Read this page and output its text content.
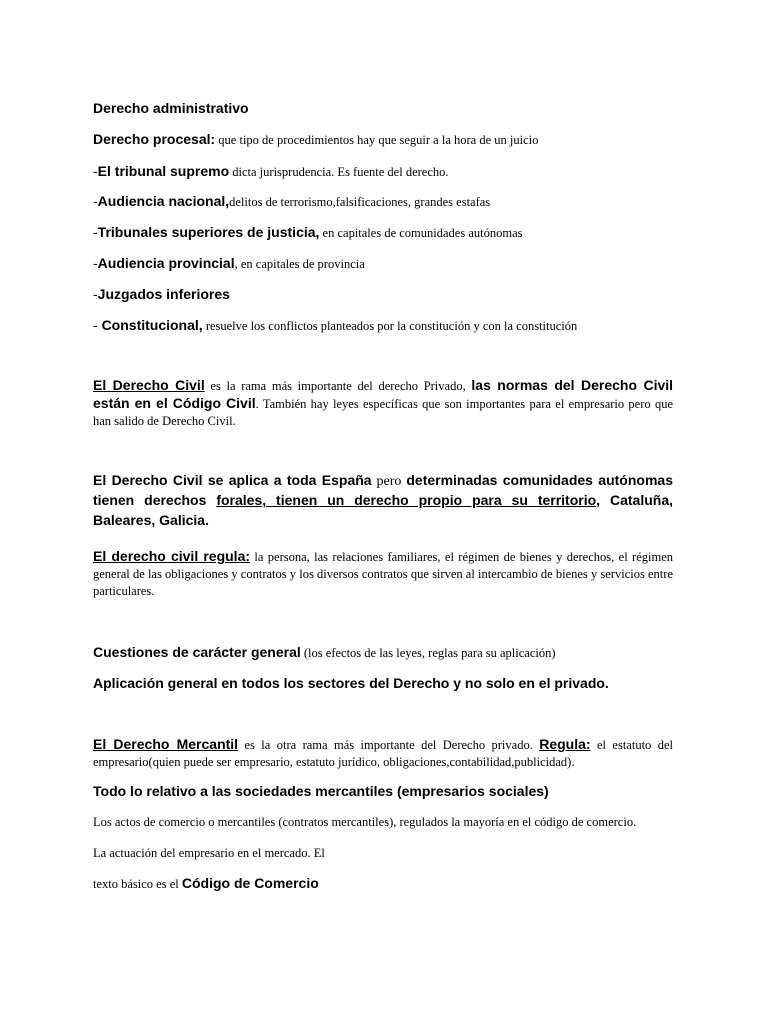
Derecho administrativo

Derecho procesal: que tipo de procedimientos hay que seguir a la hora de un juicio

-El tribunal supremo dicta jurisprudencia. Es fuente del derecho.

-Audiencia nacional,delitos de terrorismo,falsificaciones, grandes estafas

-Tribunales superiores de justicia, en capitales de comunidades autónomas

-Audiencia provincial, en capitales de provincia

-Juzgados inferiores

- Constitucional, resuelve los conflictos planteados por la constitución y con la constitución

El Derecho Civil es la rama más importante del derecho Privado, las normas del Derecho Civil están en el Código Civil. También hay leyes específicas que son importantes para el empresario pero que han salido de Derecho Civil.

El Derecho Civil se aplica a toda España pero determinadas comunidades autónomas tienen derechos forales, tienen un derecho propio para su territorio, Cataluña, Baleares, Galicia.

El derecho civil regula: la persona, las relaciones familiares, el régimen de bienes y derechos, el régimen general de las obligaciones y contratos y los diversos contratos que sirven al intercambio de bienes y servicios entre particulares.

Cuestiones de carácter general (los efectos de las leyes, reglas para su aplicación)

Aplicación general en todos los sectores del Derecho y no solo en el privado.

El Derecho Mercantil es la otra rama más importante del Derecho privado. Regula: el estatuto del empresario(quien puede ser empresario, estatuto jurídico, obligaciones,contabilidad,publicidad).

Todo lo relativo a las sociedades mercantiles (empresarios sociales)

Los actos de comercio o mercantiles (contratos mercantiles), regulados la mayoría en el código de comercio.

La actuación del empresario en el mercado. El

texto básico es el Código de Comercio
